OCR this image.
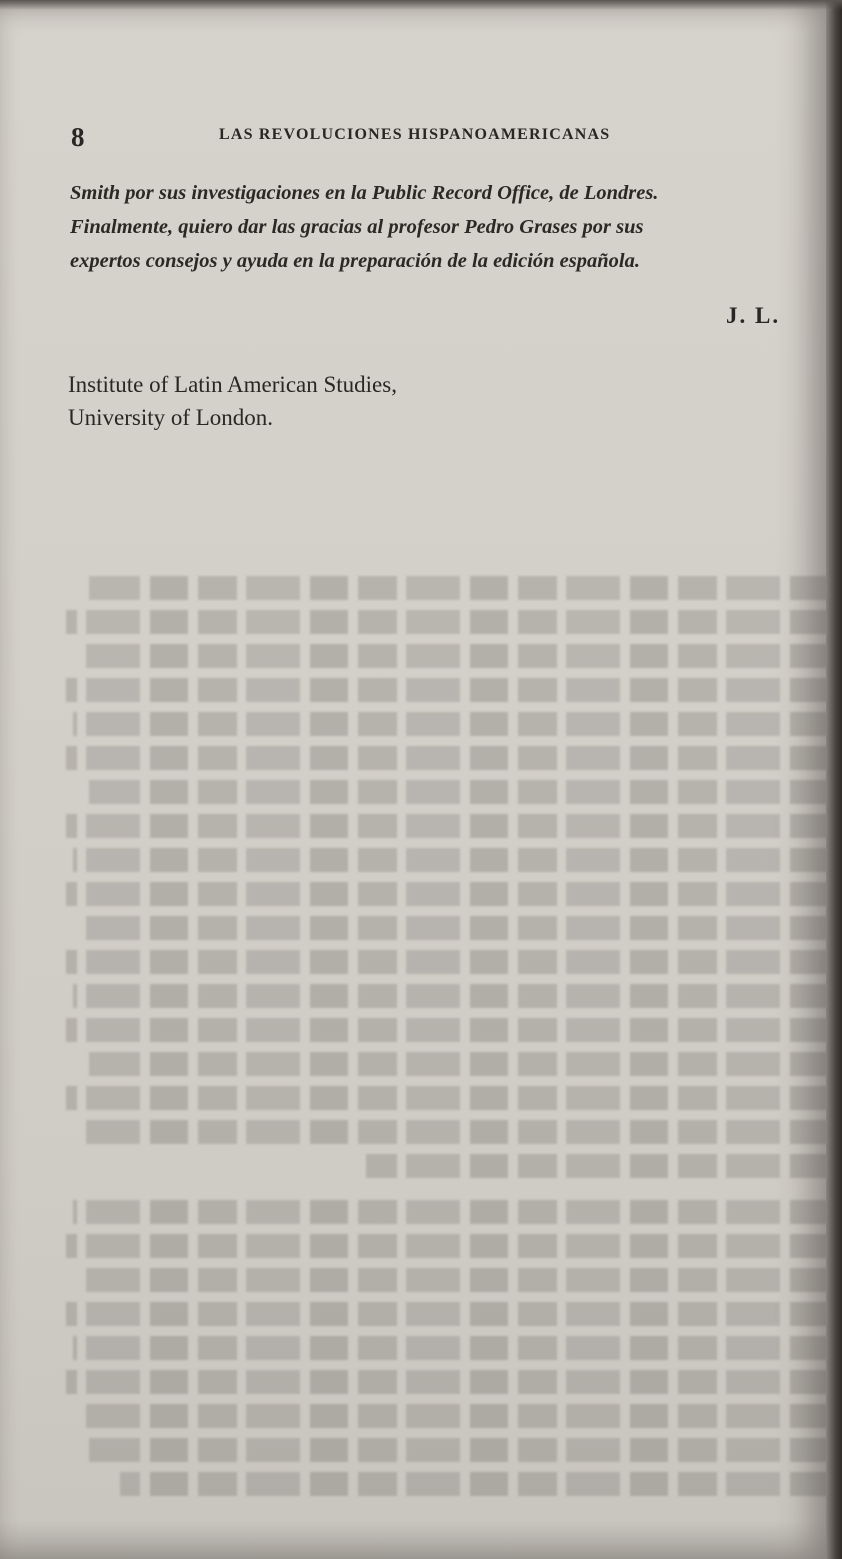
8	LAS REVOLUCIONES HISPANOAMERICANAS
Smith por sus investigaciones en la Public Record Office, de Londres.
Finalmente, quiero dar las gracias al profesor Pedro Grases por sus
expertos consejos y ayuda en la preparación de la edición española.
J. L.
Institute of Latin American Studies,
University of London.
